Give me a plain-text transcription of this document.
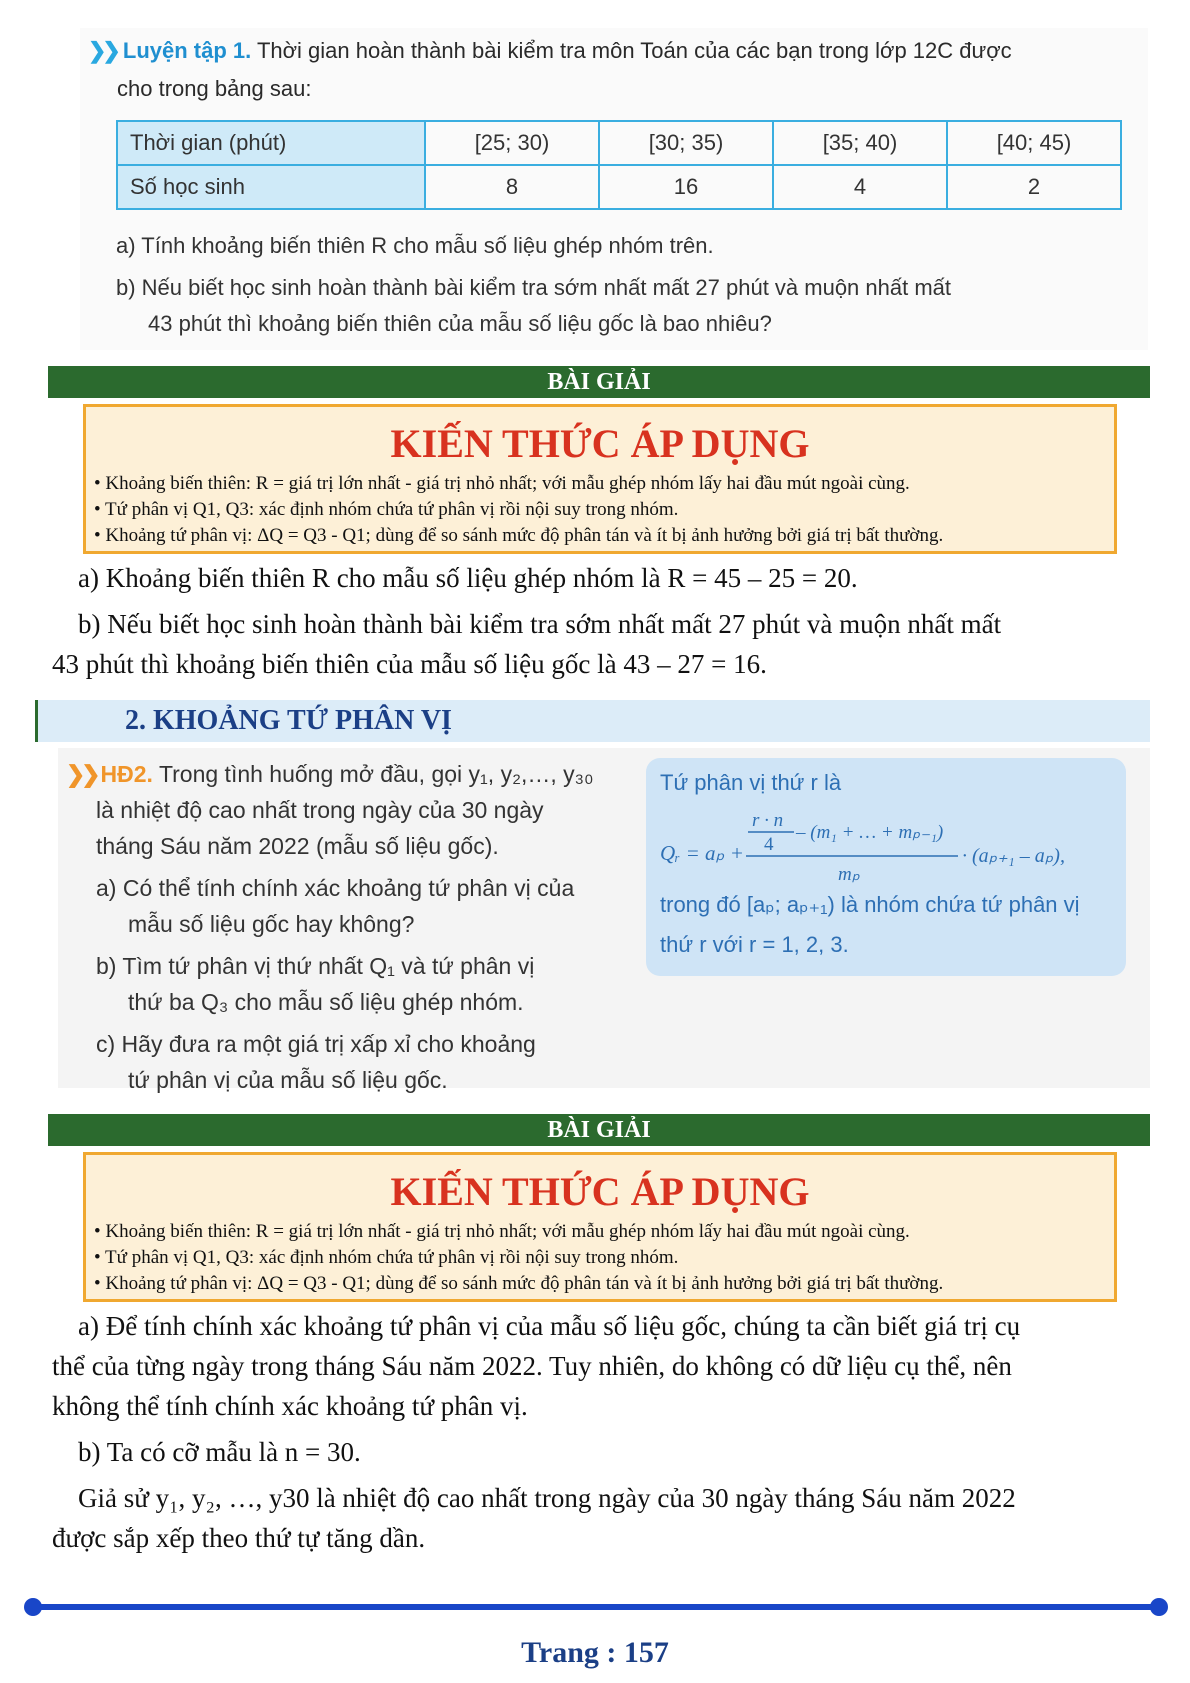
❯❯ Luyện tập 1. Thời gian hoàn thành bài kiểm tra môn Toán của các bạn trong lớp 12C được
cho trong bảng sau:
Thời gian (phút)	[25; 30)	[30; 35)	[35; 40)	[40; 45)
Số học sinh	8	16	4	2
a) Tính khoảng biến thiên R cho mẫu số liệu ghép nhóm trên.
b) Nếu biết học sinh hoàn thành bài kiểm tra sớm nhất mất 27 phút và muộn nhất mất
43 phút thì khoảng biến thiên của mẫu số liệu gốc là bao nhiêu?
BÀI GIẢI
KIẾN THỨC ÁP DỤNG
• Khoảng biến thiên: R = giá trị lớn nhất - giá trị nhỏ nhất; với mẫu ghép nhóm lấy hai đầu mút ngoài cùng.
• Tứ phân vị Q1, Q3: xác định nhóm chứa tứ phân vị rồi nội suy trong nhóm.
• Khoảng tứ phân vị: ΔQ = Q3 - Q1; dùng để so sánh mức độ phân tán và ít bị ảnh hưởng bởi giá trị bất thường.
a) Khoảng biến thiên R cho mẫu số liệu ghép nhóm là R = 45 – 25 = 20.
b) Nếu biết học sinh hoàn thành bài kiểm tra sớm nhất mất 27 phút và muộn nhất mất
43 phút thì khoảng biến thiên của mẫu số liệu gốc là 43 – 27 = 16.
2. KHOẢNG TỨ PHÂN VỊ
❯❯ HĐ2. Trong tình huống mở đầu, gọi y₁, y₂,…, y₃₀
là nhiệt độ cao nhất trong ngày của 30 ngày
tháng Sáu năm 2022 (mẫu số liệu gốc).
a) Có thể tính chính xác khoảng tứ phân vị của
mẫu số liệu gốc hay không?
b) Tìm tứ phân vị thứ nhất Q₁ và tứ phân vị
thứ ba Q₃ cho mẫu số liệu ghép nhóm.
c) Hãy đưa ra một giá trị xấp xỉ cho khoảng
tứ phân vị của mẫu số liệu gốc.
Tứ phân vị thứ r là
Qᵣ = aₚ +
r · n
4
– (m₁ + … + mₚ₋₁)
mₚ
· (aₚ₊₁ – aₚ),
trong đó [aₚ; aₚ₊₁) là nhóm chứa tứ phân vị
thứ r với r = 1, 2, 3.
BÀI GIẢI
KIẾN THỨC ÁP DỤNG
• Khoảng biến thiên: R = giá trị lớn nhất - giá trị nhỏ nhất; với mẫu ghép nhóm lấy hai đầu mút ngoài cùng.
• Tứ phân vị Q1, Q3: xác định nhóm chứa tứ phân vị rồi nội suy trong nhóm.
• Khoảng tứ phân vị: ΔQ = Q3 - Q1; dùng để so sánh mức độ phân tán và ít bị ảnh hưởng bởi giá trị bất thường.
a) Để tính chính xác khoảng tứ phân vị của mẫu số liệu gốc, chúng ta cần biết giá trị cụ
thể của từng ngày trong tháng Sáu năm 2022. Tuy nhiên, do không có dữ liệu cụ thể, nên
không thể tính chính xác khoảng tứ phân vị.
b) Ta có cỡ mẫu là n = 30.
Giả sử y₁, y₂, …, y30 là nhiệt độ cao nhất trong ngày của 30 ngày tháng Sáu năm 2022
được sắp xếp theo thứ tự tăng dần.
Trang : 157
